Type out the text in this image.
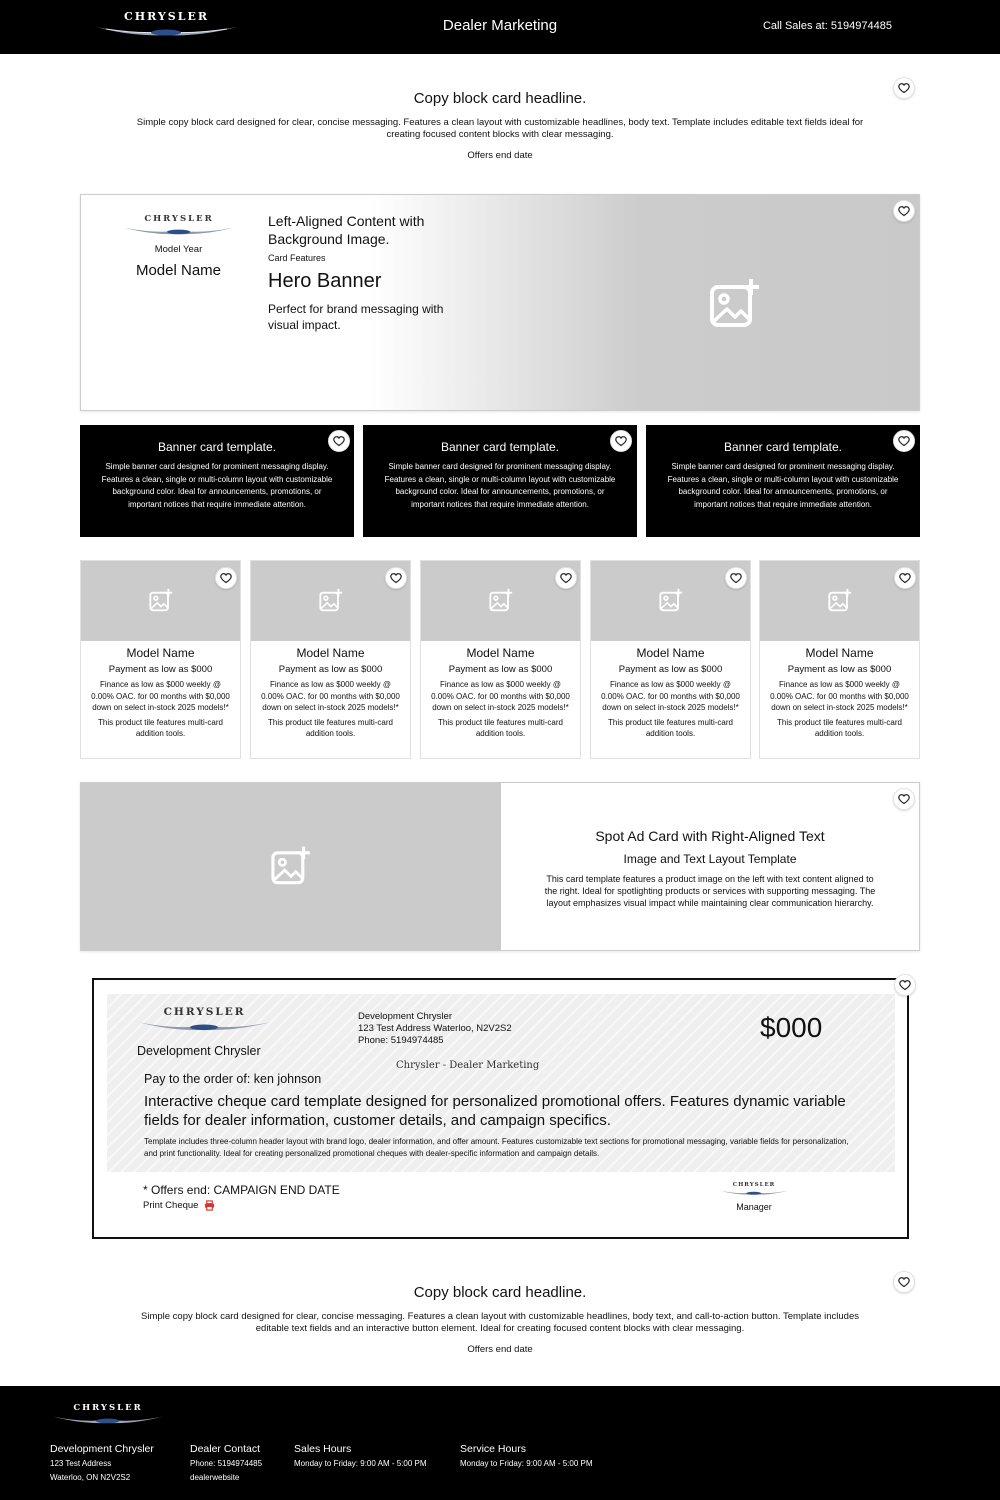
CHRYSLER
Dealer Marketing	Call Sales at: 5194974485
Copy block card headline.

Simple copy block card designed for clear, concise messaging. Features a clean layout with customizable headlines, body text. Template includes editable text fields ideal for creating focused content blocks with clear messaging.

Offers end date
CHRYSLER
Model Year
Model Name
Left-Aligned Content with Background Image.
Card Features
Hero Banner
Perfect for brand messaging with visual impact.
Banner card template.

Simple banner card designed for prominent messaging display. Features a clean, single or multi-column layout with customizable background color. Ideal for announcements, promotions, or important notices that require immediate attention.

Banner card template.

Simple banner card designed for prominent messaging display. Features a clean, single or multi-column layout with customizable background color. Ideal for announcements, promotions, or important notices that require immediate attention.

Banner card template.

Simple banner card designed for prominent messaging display. Features a clean, single or multi-column layout with customizable background color. Ideal for announcements, promotions, or important notices that require immediate attention.

Model Name
Payment as low as $000
Finance as low as $000 weekly @ 0.00% OAC. for 00 months with $0,000 down on select in-stock 2025 models!*
This product tile features multi-card addition tools.
Model Name
Payment as low as $000
Finance as low as $000 weekly @ 0.00% OAC. for 00 months with $0,000 down on select in-stock 2025 models!*
This product tile features multi-card addition tools.
Model Name
Payment as low as $000
Finance as low as $000 weekly @ 0.00% OAC. for 00 months with $0,000 down on select in-stock 2025 models!*
This product tile features multi-card addition tools.
Model Name
Payment as low as $000
Finance as low as $000 weekly @ 0.00% OAC. for 00 months with $0,000 down on select in-stock 2025 models!*
This product tile features multi-card addition tools.
Model Name
Payment as low as $000
Finance as low as $000 weekly @ 0.00% OAC. for 00 months with $0,000 down on select in-stock 2025 models!*
This product tile features multi-card addition tools.
Spot Ad Card with Right-Aligned Text
Image and Text Layout Template

This card template features a product image on the left with text content aligned to the right. Ideal for spotlighting products or services with supporting messaging. The layout emphasizes visual impact while maintaining clear communication hierarchy.

CHRYSLER
Development Chrysler
Development Chrysler
123 Test Address Waterloo, N2V2S2
Phone: 5194974485	$000
Chrysler - Dealer Marketing
Pay to the order of: ken johnson
Interactive cheque card template designed for personalized promotional offers. Features dynamic variable fields for dealer information, customer details, and campaign specifics.
Template includes three-column header layout with brand logo, dealer information, and offer amount. Features customizable text sections for promotional messaging, variable fields for personalization, and print functionality. Ideal for creating personalized promotional cheques with dealer-specific information and campaign details.
* Offers end: CAMPAIGN END DATE
Print Cheque
CHRYSLER
Manager
Copy block card headline.

Simple copy block card designed for clear, concise messaging. Features a clean layout with customizable headlines, body text, and call-to-action button. Template includes editable text fields and an interactive button element. Ideal for creating focused content blocks with clear messaging.

Offers end date
CHRYSLER
Development Chrysler

123 Test Address

Waterloo, ON N2V2S2

Dealer Contact

Phone: 5194974485

dealerwebsite

Sales Hours

Monday to Friday: 9:00 AM - 5:00 PM

Service Hours

Monday to Friday: 9:00 AM - 5:00 PM
